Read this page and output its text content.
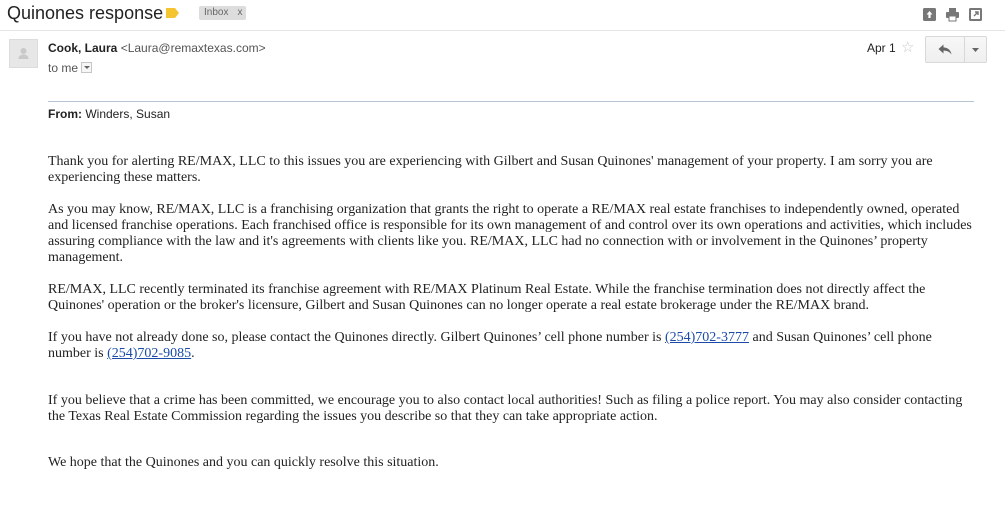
Quinones response	Inbox x
Cook, Laura <Laura@remaxtexas.com>
to me
Apr 1 ☆
From: Winders, Susan

Thank you for alerting RE/MAX, LLC to this issues you are experiencing with Gilbert and Susan Quinones' management of your property. I am sorry you are experiencing these matters.

As you may know, RE/MAX, LLC is a franchising organization that grants the right to operate a RE/MAX real estate franchises to independently owned, operated and licensed franchise operations. Each franchised office is responsible for its own management of and control over its own operations and activities, which includes assuring compliance with the law and it's agreements with clients like you. RE/MAX, LLC had no connection with or involvement in the Quinones’ property management.

RE/MAX, LLC recently terminated its franchise agreement with RE/MAX Platinum Real Estate. While the franchise termination does not directly affect the Quinones' operation or the broker's licensure, Gilbert and Susan Quinones can no longer operate a real estate brokerage under the RE/MAX brand.

If you have not already done so, please contact the Quinones directly. Gilbert Quinones’ cell phone number is (254)702-3777 and Susan Quinones’ cell phone number is (254)702-9085.

If you believe that a crime has been committed, we encourage you to also contact local authorities! Such as filing a police report. You may also consider contacting the Texas Real Estate Commission regarding the issues you describe so that they can take appropriate action.

We hope that the Quinones and you can quickly resolve this situation.
